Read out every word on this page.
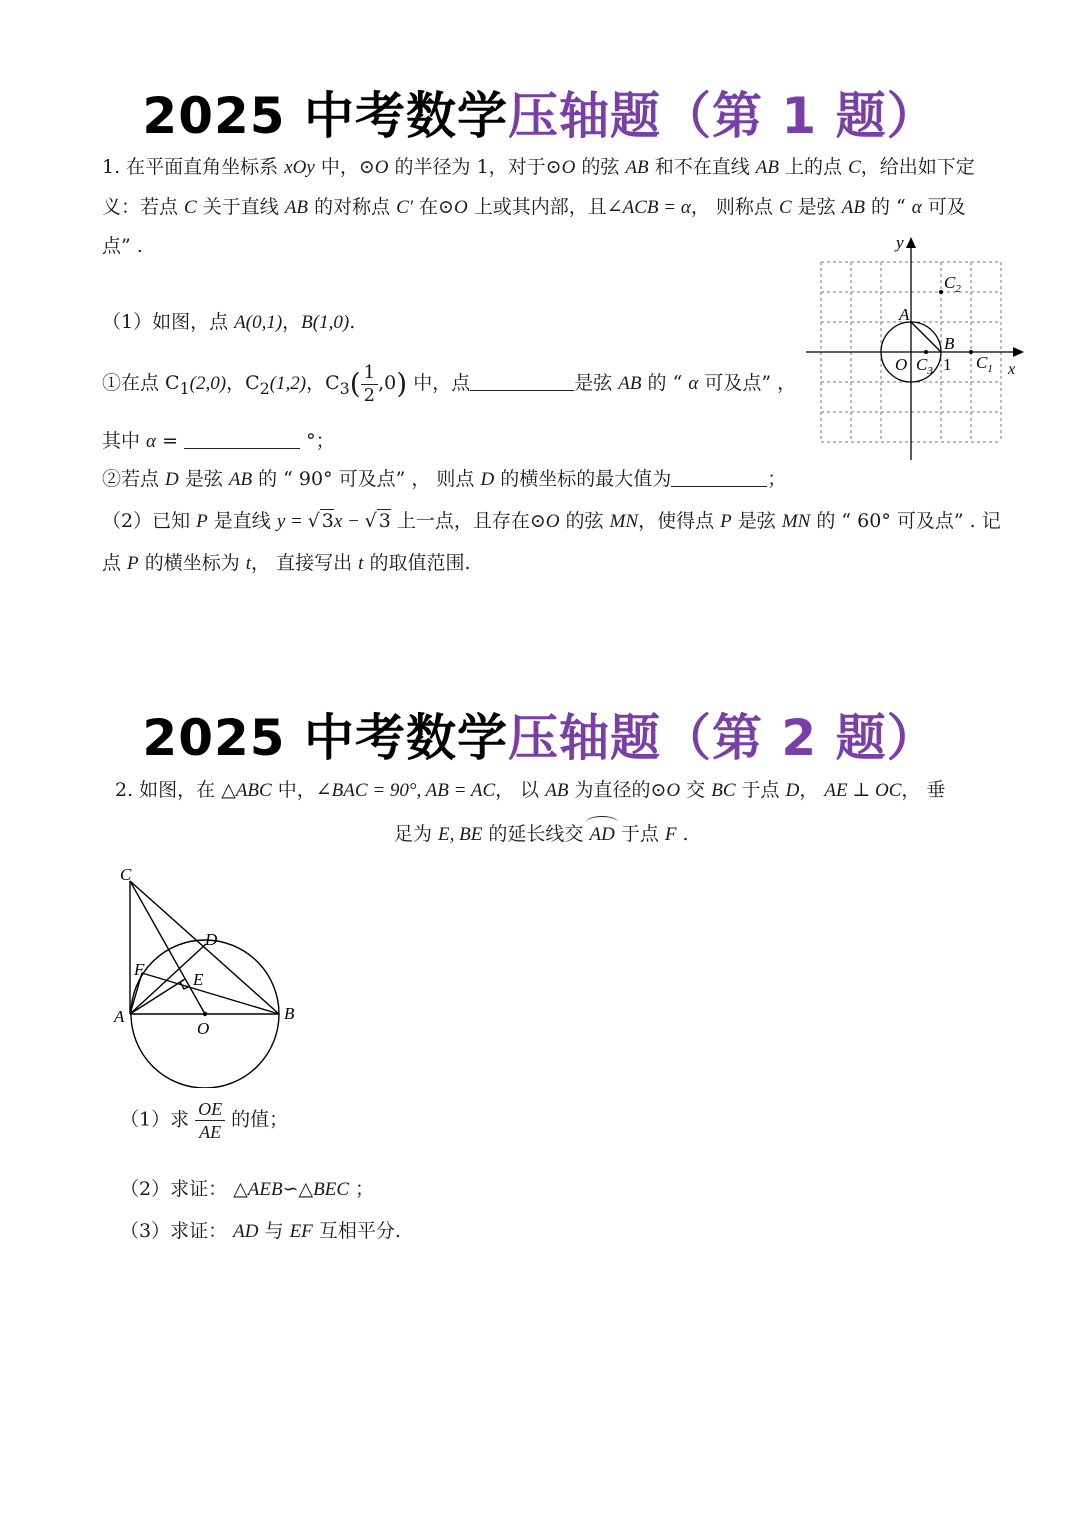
2025 中考数学压轴题（第 1 题）
1. 在平面直角坐标系 xOy 中，⊙O 的半径为 1，对于⊙O 的弦 AB 和不在直线 AB 上的点 C，给出如下定
义：若点 C 关于直线 AB 的对称点 C′ 在⊙O 上或其内部，且∠ACB = α， 则称点 C 是弦 AB 的 “ α 可及
点” .
（1）如图，点 A(0,1)，B(1,0).
①在点 $C_1(2,0)$，$C_2(1,2)$，$C_3( \frac{1}{2} ,0)$ 中，点	是弦 AB 的 “ α 可及点” ，
其中 α =	°；
②若点 D 是弦 AB 的 “ 90° 可及点” ， 则点 D 的横坐标的最大值为	；
（2）已知 P 是直线 y = √ 3x − √ 3 上一点，且存在⊙O 的弦 MN，使得点 P 是弦 MN 的 “ 60° 可及点” . 记
点 P 的横坐标为 t， 直接写出 t 的取值范围.
y
x
A
B
O 1
$C_2$
$C_3$	$C_1$
2025 中考数学压轴题（第 2 题）
2. 如图，在 △ABC 中，∠BAC = 90°, AB = AC， 以 AB 为直径的⊙O 交 BC 于点 D， AE ⊥ OC， 垂
足为 E, BE 的延长线交 AD 于点 F .
C
D
F
E
A	B
O
（1）求 $\frac{OE}{AE}$ 的值；
（2）求证： △AEB∽△BEC ；
（3）求证： AD 与 EF 互相平分.
